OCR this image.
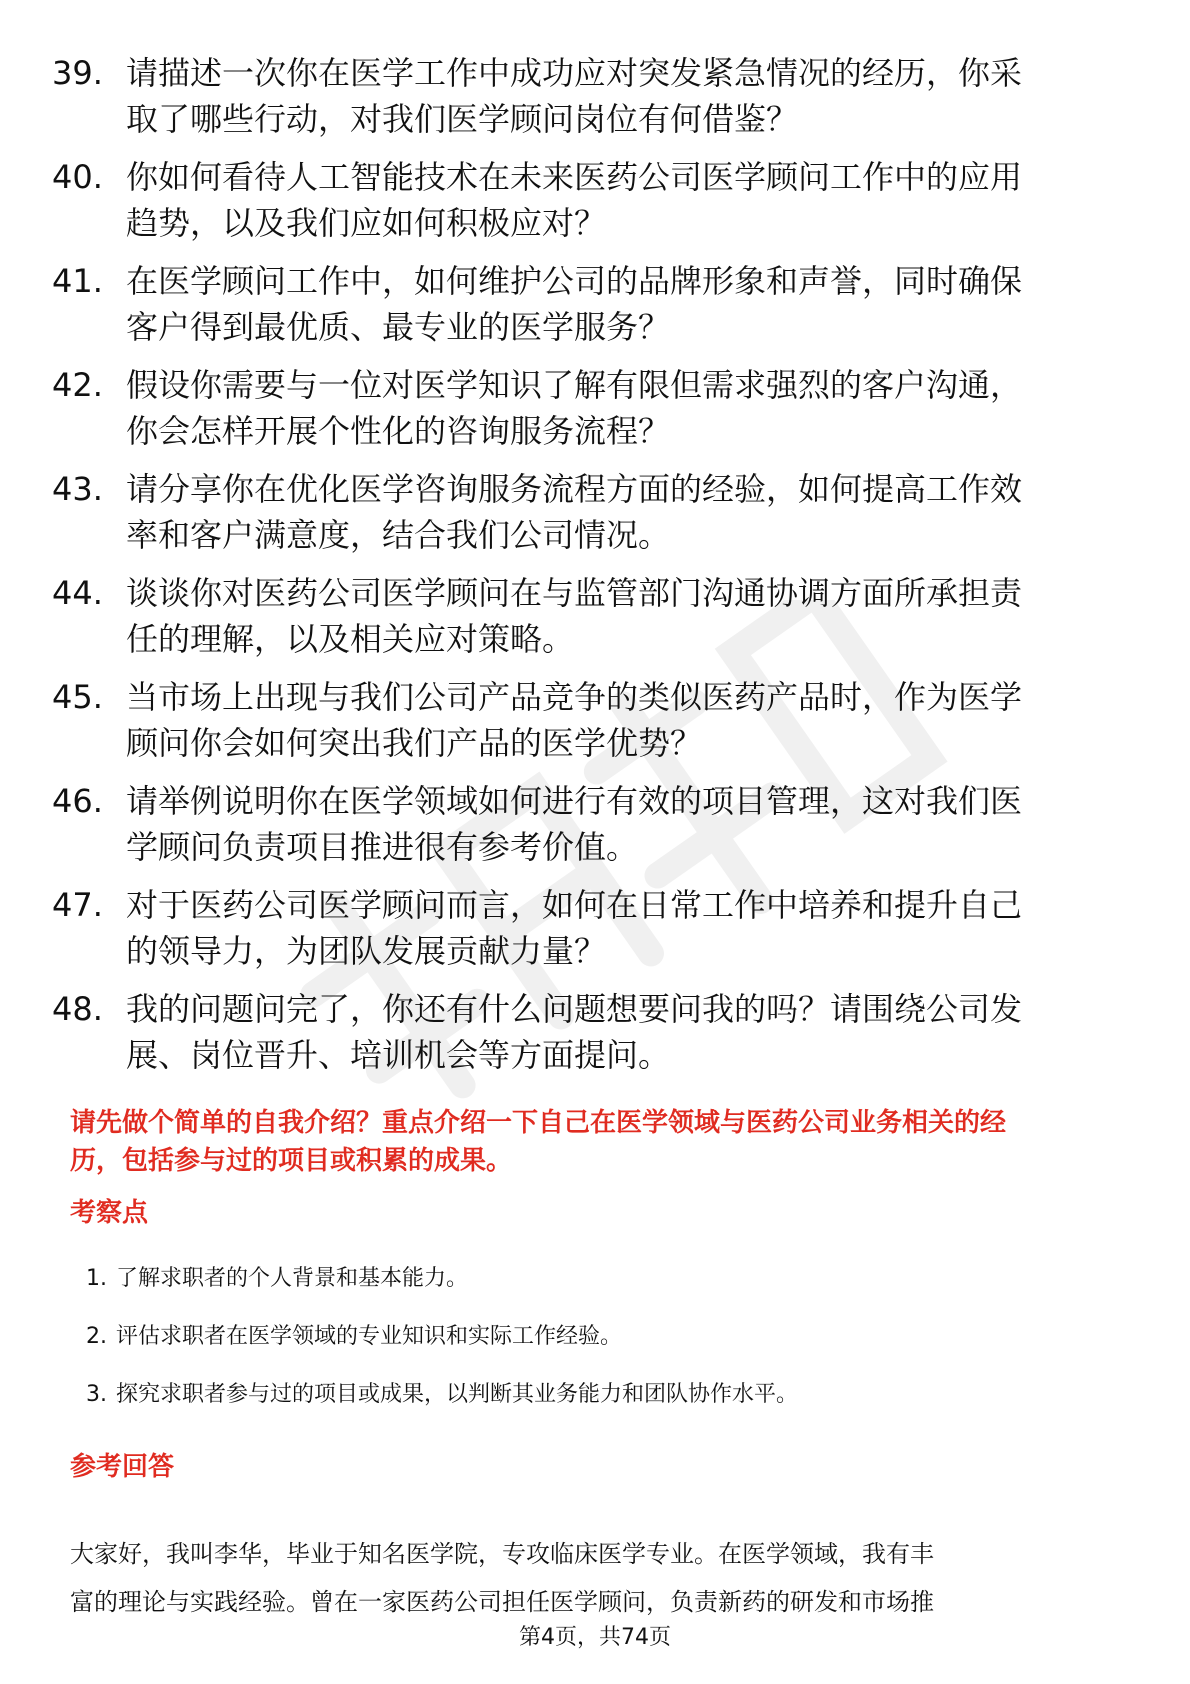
39. 请描述一次你在医学工作中成功应对突发紧急情况的经历，你采
取了哪些行动，对我们医学顾问岗位有何借鉴？
40. 你如何看待人工智能技术在未来医药公司医学顾问工作中的应用
趋势，以及我们应如何积极应对？
41. 在医学顾问工作中，如何维护公司的品牌形象和声誉，同时确保
客户得到最优质、最专业的医学服务？
42. 假设你需要与一位对医学知识了解有限但需求强烈的客户沟通，
你会怎样开展个性化的咨询服务流程？
43. 请分享你在优化医学咨询服务流程方面的经验，如何提高工作效
率和客户满意度，结合我们公司情况。
44. 谈谈你对医药公司医学顾问在与监管部门沟通协调方面所承担责
任的理解，以及相关应对策略。
45. 当市场上出现与我们公司产品竞争的类似医药产品时，作为医学
顾问你会如何突出我们产品的医学优势？
46. 请举例说明你在医学领域如何进行有效的项目管理，这对我们医
学顾问负责项目推进很有参考价值。
47. 对于医药公司医学顾问而言，如何在日常工作中培养和提升自己
的领导力，为团队发展贡献力量？
48. 我的问题问完了，你还有什么问题想要问我的吗？请围绕公司发
展、岗位晋升、培训机会等方面提问。
请先做个简单的自我介绍？重点介绍一下自己在医学领域与医药公司业务相关的经
历，包括参与过的项目或积累的成果。
考察点
1. 了解求职者的个人背景和基本能力。
2. 评估求职者在医学领域的专业知识和实际工作经验。
3. 探究求职者参与过的项目或成果，以判断其业务能力和团队协作水平。
参考回答
大家好，我叫李华，毕业于知名医学院，专攻临床医学专业。在医学领域，我有丰
富的理论与实践经验。曾在一家医药公司担任医学顾问，负责新药的研发和市场推
第4页，共74页
